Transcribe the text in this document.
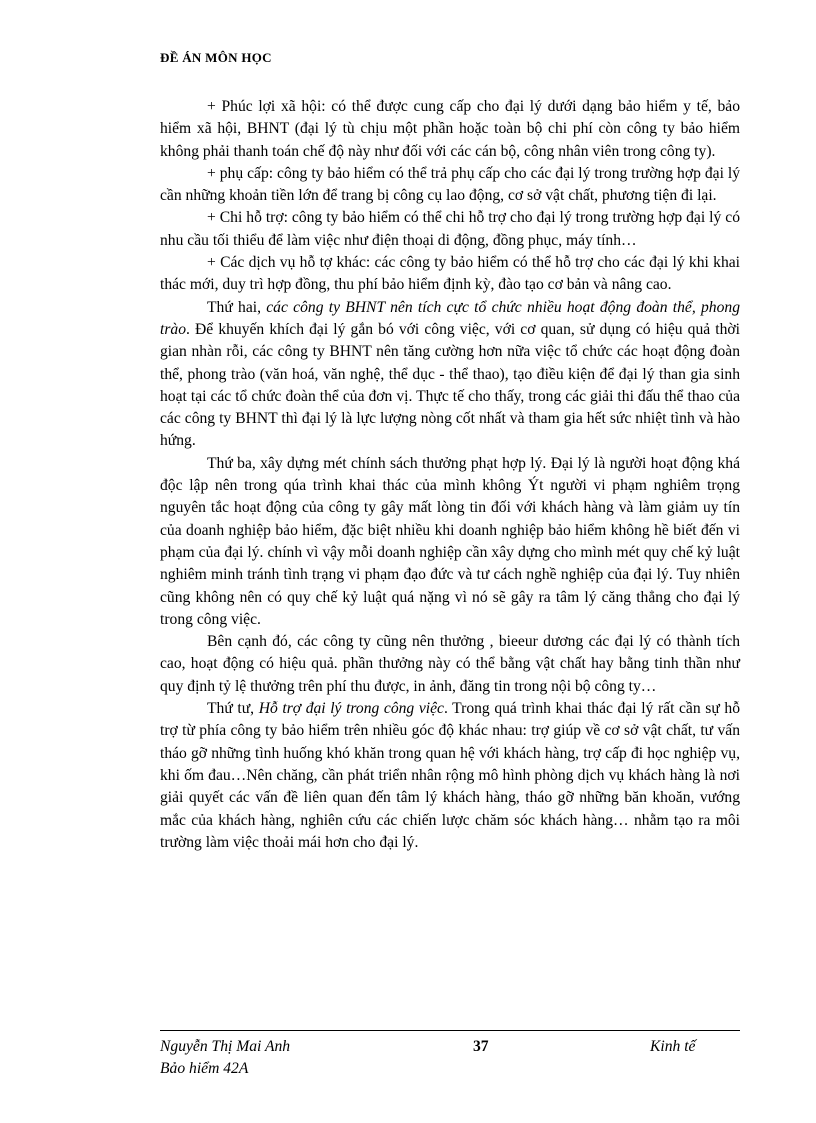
ĐỀ ÁN MÔN HỌC

+ Phúc lợi xã hội: có thể được cung cấp cho đại lý dưới dạng bảo hiểm y tế, bảo hiểm xã hội, BHNT (đại lý tù chịu một phần hoặc toàn bộ chi phí còn công ty bảo hiểm không phải thanh toán chế độ này như đối với các cán bộ, công nhân viên trong công ty).

+ phụ cấp: công ty bảo hiểm có thể trả phụ cấp cho các đại lý trong trường hợp đại lý cần những khoản tiền lớn để trang bị công cụ lao động, cơ sở vật chất, phương tiện đi lại.

+ Chi hỗ trợ: công ty bảo hiểm có thể chi hỗ trợ cho đại lý trong trường hợp đại lý có nhu cầu tối thiểu để làm việc như điện thoại di động, đồng phục, máy tính…

+ Các dịch vụ hỗ tợ khác: các công ty bảo hiểm có thể hỗ trợ cho các đại lý khi khai thác mới, duy trì hợp đồng, thu phí bảo hiểm định kỳ, đào tạo cơ bản và nâng cao.

Thứ hai, các công ty BHNT nên tích cực tổ chức nhiều hoạt động đoàn thể, phong trào. Để khuyến khích đại lý gắn bó với công việc, với cơ quan, sử dụng có hiệu quả thời gian nhàn rỗi, các công ty BHNT nên tăng cường hơn nữa việc tổ chức các hoạt động đoàn thể, phong trào (văn hoá, văn nghệ, thể dục - thể thao), tạo điều kiện để đại lý than gia sinh hoạt tại các tổ chức đoàn thể của đơn vị. Thực tế cho thấy, trong các giải thi đấu thể thao của các công ty BHNT thì đại lý là lực lượng nòng cốt nhất và tham gia hết sức nhiệt tình và hào hứng.

Thứ ba, xây dựng mét chính sách thưởng phạt hợp lý. Đại lý là người hoạt động khá độc lập nên trong qúa trình khai thác của mình không Ýt người vi phạm nghiêm trọng nguyên tắc hoạt động của công ty gây mất lòng tin đối với khách hàng và làm giảm uy tín của doanh nghiệp bảo hiểm, đặc biệt nhiều khi doanh nghiệp bảo hiểm không hề biết đến vi phạm của đại lý. chính vì vậy mỗi doanh nghiệp cần xây dựng cho mình mét quy chế kỷ luật nghiêm minh tránh tình trạng vi phạm đạo đức và tư cách nghề nghiệp của đại lý. Tuy nhiên cũng không nên có quy chế kỷ luật quá nặng vì nó sẽ gây ra tâm lý căng thẳng cho đại lý trong công việc.

Bên cạnh đó, các công ty cũng nên thưởng , bieeur dương các đại lý có thành tích cao, hoạt động có hiệu quả. phần thưởng này có thể bằng vật chất hay bằng tinh thần như quy định tỷ lệ thưởng trên phí thu được, in ảnh, đăng tin trong nội bộ công ty…

Thứ tư, Hỗ trợ đại lý trong công việc. Trong quá trình khai thác đại lý rất cần sự hỗ trợ từ phía công ty bảo hiểm trên nhiều góc độ khác nhau: trợ giúp về cơ sở vật chất, tư vấn tháo gỡ những tình huống khó khăn trong quan hệ với khách hàng, trợ cấp đi học nghiệp vụ, khi ốm đau…Nên chăng, cần phát triển nhân rộng mô hình phòng dịch vụ khách hàng là nơi giải quyết các vấn đề liên quan đến tâm lý khách hàng, tháo gỡ những băn khoăn, vướng mắc của khách hàng, nghiên cứu các chiến lược chăm sóc khách hàng… nhằm tạo ra môi trường làm việc thoải mái hơn cho đại lý.

Nguyễn Thị Mai Anh	37	Kinh tế
Bảo hiểm 42A
